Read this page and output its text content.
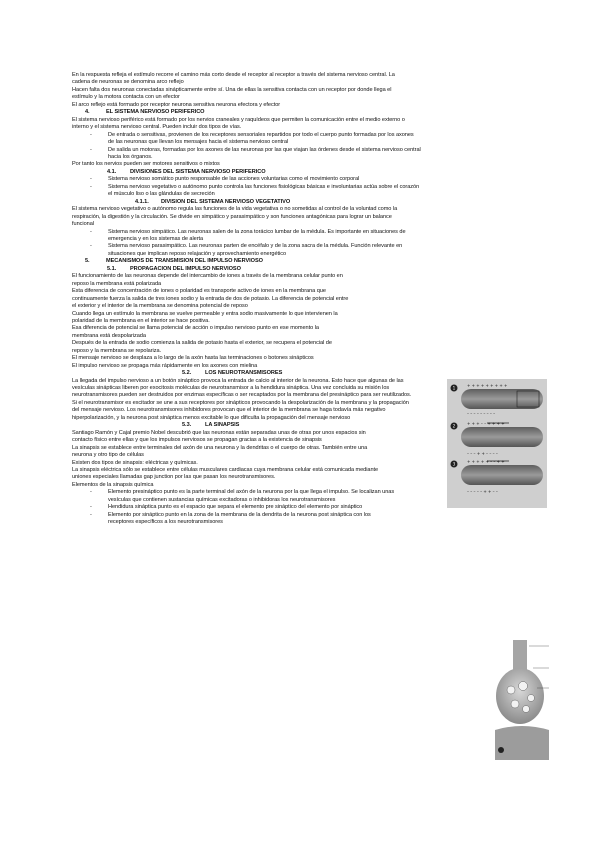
En la respuesta refleja el estímulo recorre el camino más corto desde el receptor al receptor a través del sistema nervioso central. La
cadena de neuronas se denomina arco reflejo
Hacen falta dos neuronas conectadas sinápticamente entre sí. Una de ellas la sensitiva contacta con un receptor por donde llega el
estímulo y la motora contacta con un efector
El arco reflejo está formado por receptor neurona sensitiva neurona efectora y efector
4.	EL SISTEMA NERVIOSO PERIFÉRICO
El sistema nervioso periférico está formado por los nervios craneales y raquídeos que permiten la comunicación entre el medio externo o
interno y el sistema nervioso central. Pueden incluir dos tipos de vías.
-	De entrada o sensitivas, provienen de los receptores sensoriales repartidos por todo el cuerpo punto formadas por los axones
de las neuronas que llevan los mensajes hacia el sistema nervioso central
-	De salida un motoras, formadas por los axones de las neuronas por las que viajan las órdenes desde el sistema nervioso central
hacia los órganos.
Por tanto los nervios pueden ser motores sensitivos o mixtos
4.1. DIVISIONES DEL SISTEMA NERVIOSO PERIFÉRICO
-	Sistema nervioso somático punto responsable de las acciones voluntarias como el movimiento corporal
-	Sistema nervioso vegetativo o autónomo punto controla las funciones fisiológicas básicas e involuntarias actúa sobre el corazón
el músculo liso o las glándulas de secreción
4.1.1. DIVISIÓN DEL SISTEMA NERVIOSO VEGETATIVO
El sistema nervioso vegetativo o autónomo regula las funciones de la vida vegetativa o no sometidas al control de la voluntad como la
respiración, la digestión y la circulación. Se divide en simpático y parasimpático y son funciones antagónicas para lograr un balance
funcional
-	Sistema nervioso simpático. Las neuronas salen de la zona torácico lumbar de la médula. Es importante en situaciones de
emergencia y en los sistemas de alerta
-	Sistema nervioso parasimpático. Las neuronas parten de encéfalo y de la zona sacra de la médula. Función relevante en
situaciones que implican reposo relajación y aprovechamiento energético
5.	MECANISMOS DE TRANSMISIÓN DEL IMPULSO NERVIOSO
5.1. PROPAGACIÓN DEL IMPULSO NERVIOSO
El funcionamiento de las neuronas depende del intercambio de iones a través de la membrana celular punto en
reposo la membrana está polarizada
Esta diferencia de concentración de iones o polaridad es transporte activo de iones en la membrana que
continuamente fuerza la salida de tres iones sodio y la entrada de dos de potasio. La diferencia de potencial entre
el exterior y el interior de la membrana se denomina potencial de reposo
Cuando llega un estímulo la membrana se vuelve permeable y entra sodio masivamente lo que intervienen la
polaridad de la membrana en el interior se hace positiva.
Esa diferencia de potencial se llama potencial de acción o impulso nervioso punto en ese momento la
membrana está despolarizada
Después de la entrada de sodio comienza la salida de potasio hasta el exterior, se recupera el potencial de
reposo y la membrana se repolariza.
El mensaje nervioso se desplaza a lo largo de la axón hasta las terminaciones o botones sinápticos
El impulso nervioso se propaga más rápidamente en los axones con mielina
5.2. LOS NEUROTRANSMISORES
La llegada del impulso nervioso a un botón sináptico provoca la entrada de calcio al interior de la neurona. Esto hace que algunas de las
vesículas sinápticas liberen por exocitosis moléculas de neurotransmisor a la hendidura sináptica. Una vez concluida su misión los
neurotransmisores pueden ser destruidos por enzimas específicas o ser recaptados por la membrana del presináptico para ser reutilizados.
Si el neurotransmisor es excitador se une a sus receptores por sinápticos provocando la despolarización de la membrana y la propagación
del mensaje nervioso. Los neurotransmisores inhibidores provocan que el interior de la membrana se haga todavía más negativo
hiperpolarización, y la neurona post sináptica menos excitable lo que dificulta la propagación del mensaje nervioso
5.3. LA SINAPSIS
Santiago Ramón y Cajal premio Nobel descubrió que las neuronas están separadas unas de otras por unos espacios sin
contacto físico entre ellas y que los impulsos nerviosos se propagan gracias a la existencia de sinapsis
La sinapsis se establece entre terminales del axón de una neurona y la dendritas o el cuerpo de otras. También entre una
neurona y otro tipo de células
Existen dos tipos de sinapsis: eléctricas y químicas.
La sinapsis eléctrica sólo se establece entre células musculares cardiacas cuya membrana celular está comunicada mediante
uniones especiales llamadas gap junction por las que pasan los neurotransmisores.
Elementos de la sinapsis química
-	Elemento presináptico punto es la parte terminal del axón de la neurona por la que llega el impulso. Se localizan unas
vesículas que contienen sustancias químicas excitadoras o inhibidoras los neurotransmisores
-	Hendidura sináptica punto es el espacio que separa el elemento pre sináptico del elemento por sináptico
-	Elemento por sináptico punto en la zona de la membrana de la dendrita de la neurona post sináptica con los
receptores específicos a los neurotransmisores
+ + + + + + + + +
– – – – – – – – –
+ + + – – + + + +
– – – + + – – – –
+ + + + + – – + +
– – – – – + + – –
1
2
3
